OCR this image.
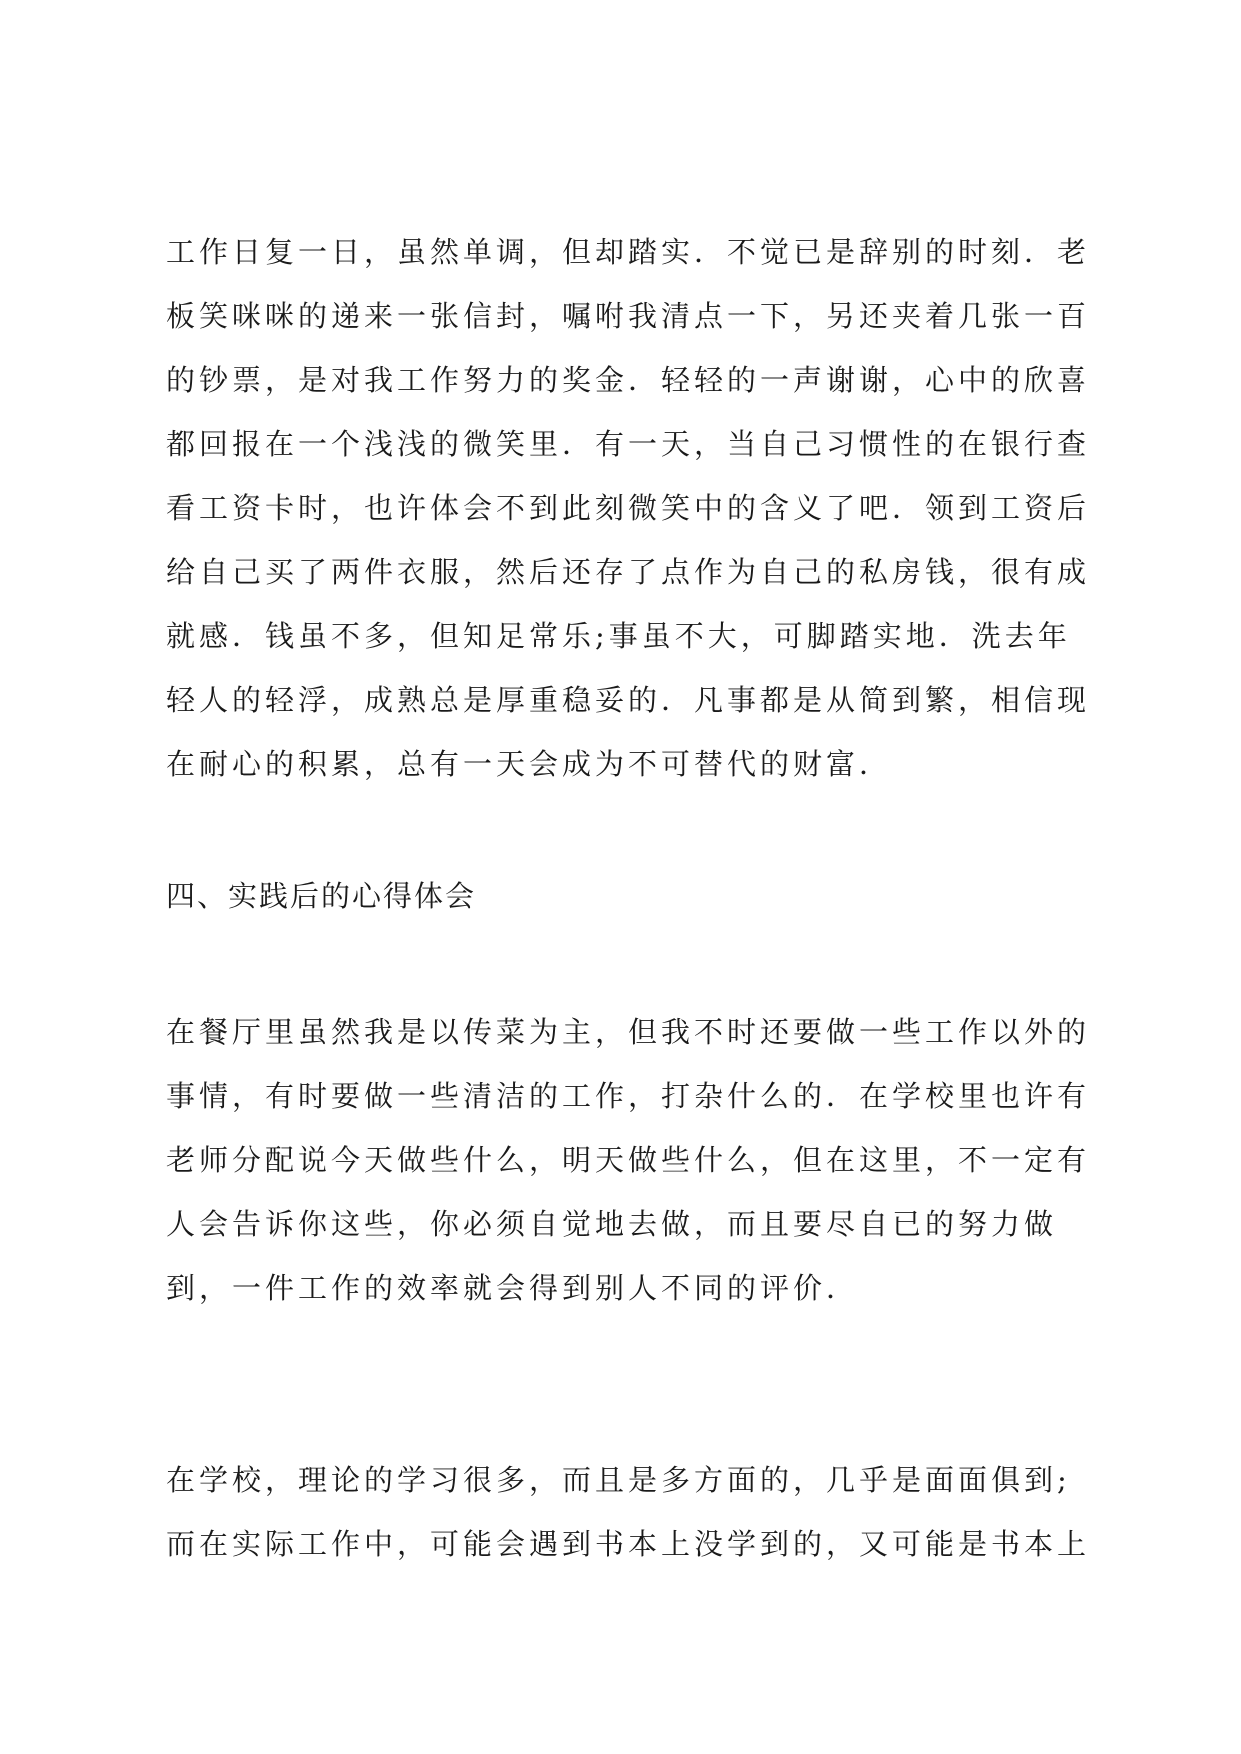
工作日复一日，虽然单调，但却踏实．不觉已是辞别的时刻．老
板笑咪咪的递来一张信封，嘱咐我清点一下，另还夹着几张一百
的钞票，是对我工作努力的奖金．轻轻的一声谢谢，心中的欣喜
都回报在一个浅浅的微笑里．有一天，当自己习惯性的在银行查
看工资卡时，也许体会不到此刻微笑中的含义了吧．领到工资后
给自己买了两件衣服，然后还存了点作为自己的私房钱，很有成
就感．钱虽不多，但知足常乐;事虽不大，可脚踏实地．洗去年
轻人的轻浮，成熟总是厚重稳妥的．凡事都是从简到繁，相信现
在耐心的积累，总有一天会成为不可替代的财富．
四、实践后的心得体会
在餐厅里虽然我是以传菜为主，但我不时还要做一些工作以外的
事情，有时要做一些清洁的工作，打杂什么的．在学校里也许有
老师分配说今天做些什么，明天做些什么，但在这里，不一定有
人会告诉你这些，你必须自觉地去做，而且要尽自已的努力做
到，一件工作的效率就会得到别人不同的评价．
在学校，理论的学习很多，而且是多方面的，几乎是面面俱到;
而在实际工作中，可能会遇到书本上没学到的，又可能是书本上
